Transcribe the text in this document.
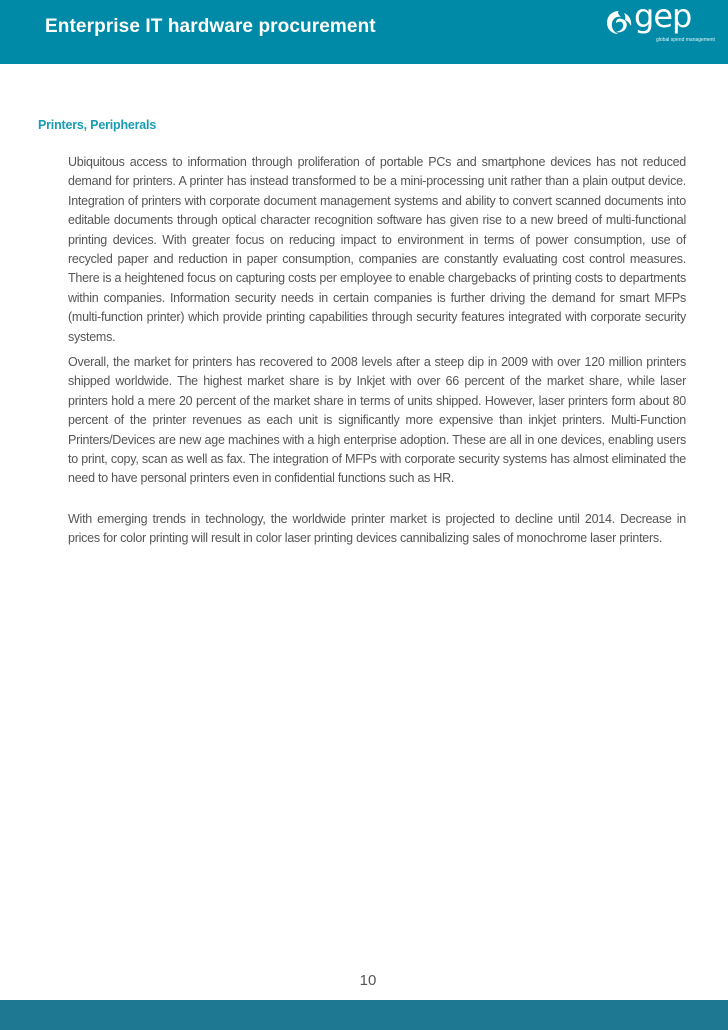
Enterprise IT hardware procurement	gep
global spend management
Printers, Peripherals

Ubiquitous access to information through proliferation of portable PCs and smartphone devices has not reduced demand for printers. A printer has instead transformed to be a mini-processing unit rather than a plain output device. Integration of printers with corporate document management systems and ability to convert scanned documents into editable documents through optical character recognition software has given rise to a new breed of multi-functional printing devices. With greater focus on reducing impact to environment in terms of power consumption, use of recycled paper and reduction in paper consumption, companies are constantly evaluating cost control measures. There is a heightened focus on capturing costs per employee to enable chargebacks of printing costs to departments within companies. Information security needs in certain companies is further driving the demand for smart MFPs (multi-function printer) which provide printing capabilities through security features integrated with corporate security systems.

Overall, the market for printers has recovered to 2008 levels after a steep dip in 2009 with over 120 million printers shipped worldwide. The highest market share is by Inkjet with over 66 percent of the market share, while laser printers hold a mere 20 percent of the market share in terms of units shipped. However, laser printers form about 80 percent of the printer revenues as each unit is significantly more expensive than inkjet printers. Multi-Function Printers/Devices are new age machines with a high enterprise adoption. These are all in one devices, enabling users to print, copy, scan as well as fax. The integration of MFPs with corporate security systems has almost eliminated the need to have personal printers even in confidential functions such as HR.

With emerging trends in technology, the worldwide printer market is projected to decline until 2014. Decrease in prices for color printing will result in color laser printing devices cannibalizing sales of monochrome laser printers.

10
